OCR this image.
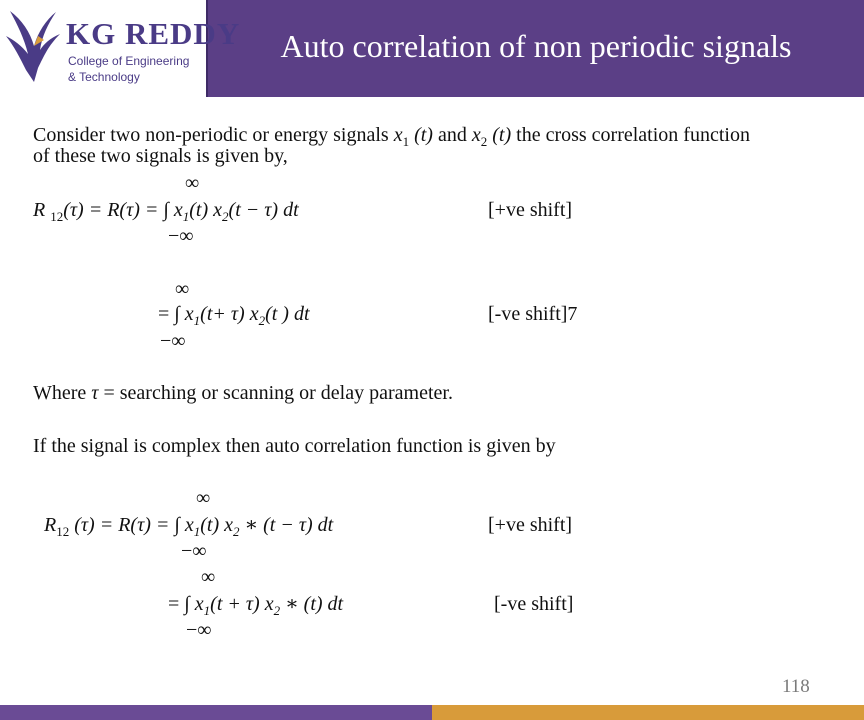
KG REDDY
College of Engineering
& Technology
Auto correlation of non periodic signals
Consider two non-periodic or energy signals $x_1$ (t) and $x_2$ (t) the cross correlation function
of these two signals is given by,
∞
R $_{12}$(τ) = R(τ) = ∫ $x_1(t) x_2(t - \tau)$ dt	[+ve shift]
−∞
∞
= ∫ $x_1(t+ \tau)$ $x_2(t$ ) dt	[-ve shift]7
−∞
Where τ = searching or scanning or delay parameter.
If the signal is complex then auto correlation function is given by
∞
$R_{12}$ (τ) = R(τ) = ∫ $x_1(t)$ $x_2$ ∗ (t − τ) dt	[+ve shift]
−∞
∞
= ∫ $x_1(t + \tau)$ $x_2$ ∗ (t) dt	[-ve shift]
−∞
118
